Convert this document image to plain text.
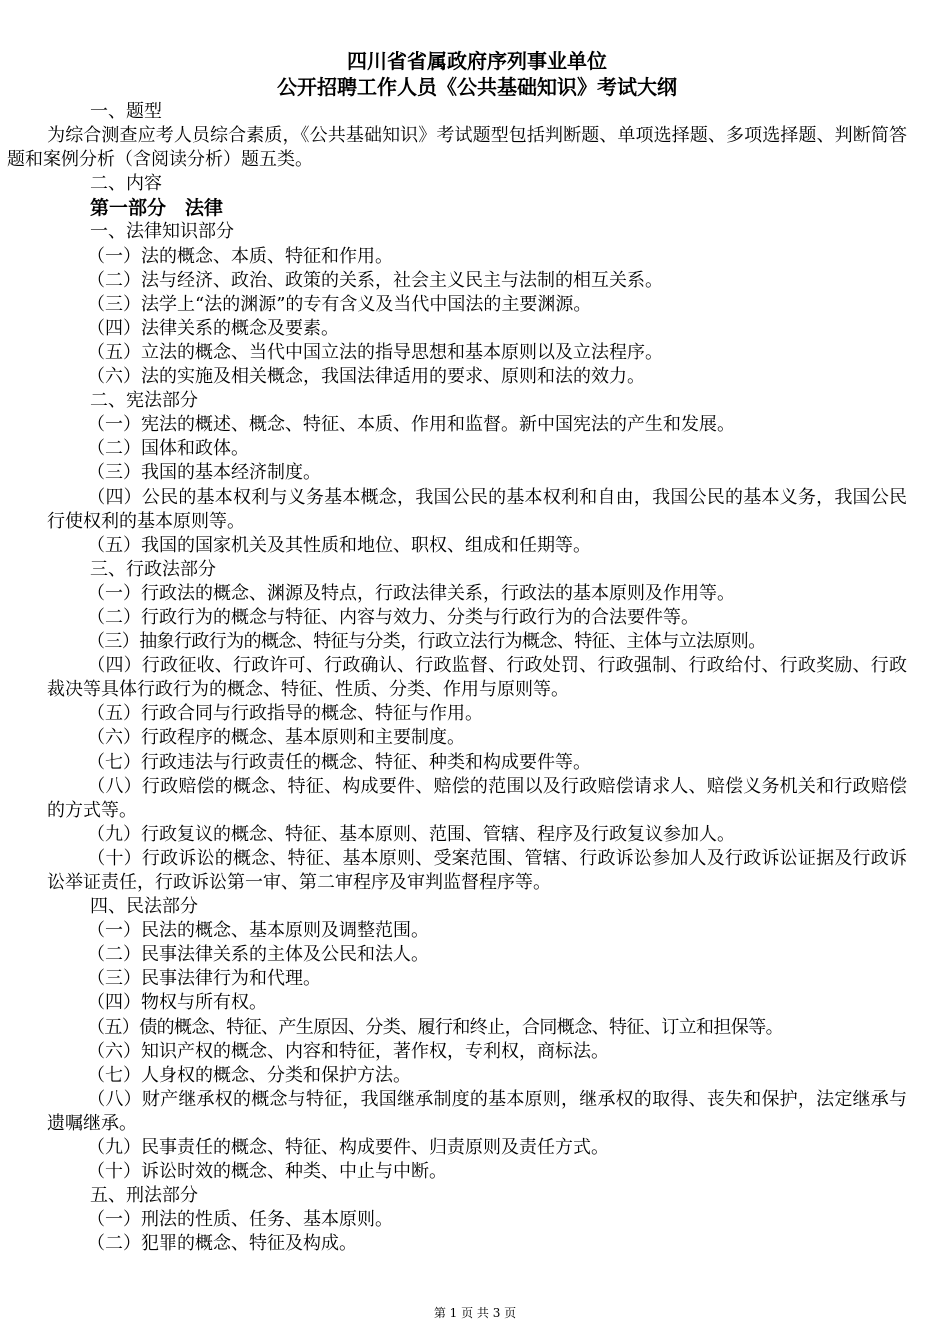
四川省省属政府序列事业单位
公开招聘工作人员《公共基础知识》考试大纲
一、题型
为综合测查应考人员综合素质，《公共基础知识》考试题型包括判断题、单项选择题、多项选择题、判断简答题和案例分析（含阅读分析）题五类。
二、内容
第一部分　法律
一、法律知识部分
（一）法的概念、本质、特征和作用。
（二）法与经济、政治、政策的关系，社会主义民主与法制的相互关系。
（三）法学上“法的渊源”的专有含义及当代中国法的主要渊源。
（四）法律关系的概念及要素。
（五）立法的概念、当代中国立法的指导思想和基本原则以及立法程序。
（六）法的实施及相关概念，我国法律适用的要求、原则和法的效力。
二、宪法部分
（一）宪法的概述、概念、特征、本质、作用和监督。新中国宪法的产生和发展。
（二）国体和政体。
（三）我国的基本经济制度。
（四）公民的基本权利与义务基本概念，我国公民的基本权利和自由，我国公民的基本义务，我国公民行使权利的基本原则等。
（五）我国的国家机关及其性质和地位、职权、组成和任期等。
三、行政法部分
（一）行政法的概念、渊源及特点，行政法律关系，行政法的基本原则及作用等。
（二）行政行为的概念与特征、内容与效力、分类与行政行为的合法要件等。
（三）抽象行政行为的概念、特征与分类，行政立法行为概念、特征、主体与立法原则。
（四）行政征收、行政许可、行政确认、行政监督、行政处罚、行政强制、行政给付、行政奖励、行政裁决等具体行政行为的概念、特征、性质、分类、作用与原则等。
（五）行政合同与行政指导的概念、特征与作用。
（六）行政程序的概念、基本原则和主要制度。
（七）行政违法与行政责任的概念、特征、种类和构成要件等。
（八）行政赔偿的概念、特征、构成要件、赔偿的范围以及行政赔偿请求人、赔偿义务机关和行政赔偿的方式等。
（九）行政复议的概念、特征、基本原则、范围、管辖、程序及行政复议参加人。
（十）行政诉讼的概念、特征、基本原则、受案范围、管辖、行政诉讼参加人及行政诉讼证据及行政诉讼举证责任，行政诉讼第一审、第二审程序及审判监督程序等。
四、民法部分
（一）民法的概念、基本原则及调整范围。
（二）民事法律关系的主体及公民和法人。
（三）民事法律行为和代理。
（四）物权与所有权。
（五）债的概念、特征、产生原因、分类、履行和终止，合同概念、特征、订立和担保等。
（六）知识产权的概念、内容和特征，著作权，专利权，商标法。
（七）人身权的概念、分类和保护方法。
（八）财产继承权的概念与特征，我国继承制度的基本原则，继承权的取得、丧失和保护，法定继承与遗嘱继承。
（九）民事责任的概念、特征、构成要件、归责原则及责任方式。
（十）诉讼时效的概念、种类、中止与中断。
五、刑法部分
（一）刑法的性质、任务、基本原则。
（二）犯罪的概念、特征及构成。
第 1 页 共 3 页
